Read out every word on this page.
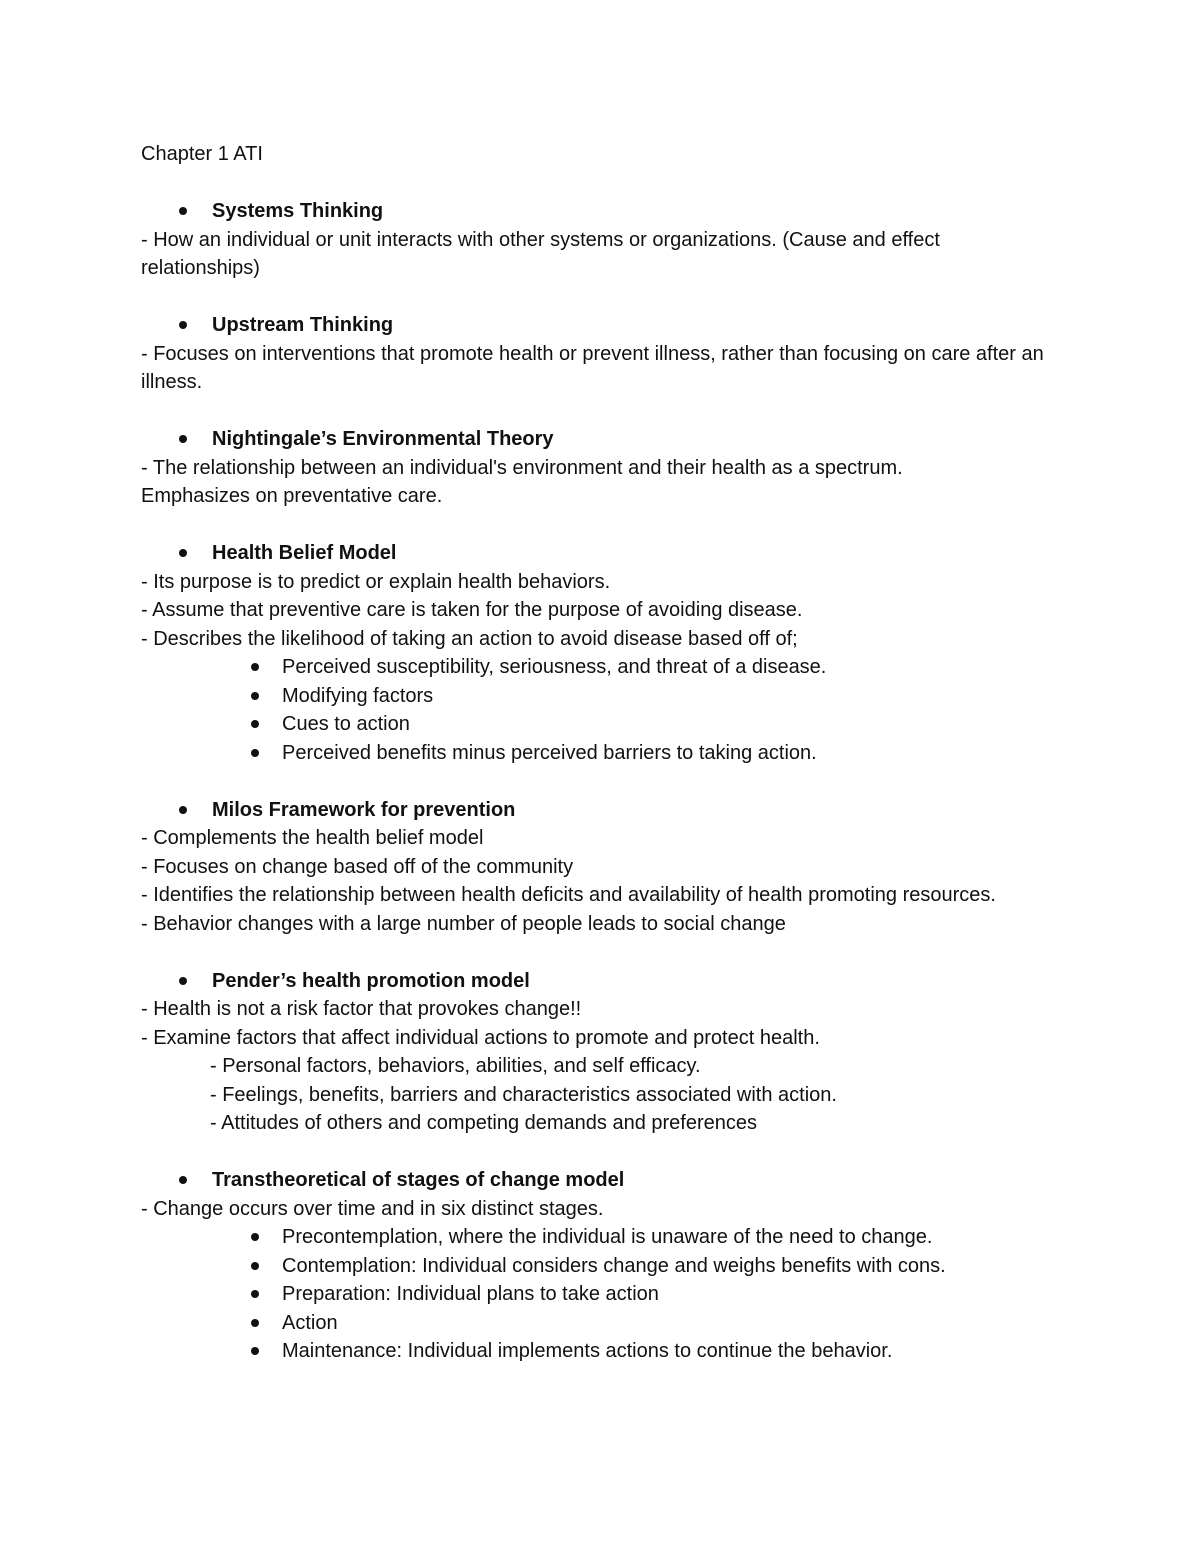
Chapter 1 ATI
Systems Thinking

- How an individual or unit interacts with other systems or organizations. (Cause and effect relationships)

Upstream Thinking

- Focuses on interventions that promote health or prevent illness, rather than focusing on care after an illness.

Nightingale’s Environmental Theory

- The relationship between an individual's environment and their health as a spectrum.

Emphasizes on preventative care.

Health Belief Model

- Its purpose is to predict or explain health behaviors.

- Assume that preventive care is taken for the purpose of avoiding disease.

- Describes the likelihood of taking an action to avoid disease based off of;

Perceived susceptibility, seriousness, and threat of a disease.
Modifying factors
Cues to action
Perceived benefits minus perceived barriers to taking action.
Milos Framework for prevention

- Complements the health belief model

- Focuses on change based off of the community

- Identifies the relationship between health deficits and availability of health promoting resources.

- Behavior changes with a large number of people leads to social change

Pender’s health promotion model

- Health is not a risk factor that provokes change!!

- Examine factors that affect individual actions to promote and protect health.

- Personal factors, behaviors, abilities, and self efficacy.

- Feelings, benefits, barriers and characteristics associated with action.

- Attitudes of others and competing demands and preferences

Transtheoretical of stages of change model

- Change occurs over time and in six distinct stages.

Precontemplation, where the individual is unaware of the need to change.
Contemplation: Individual considers change and weighs benefits with cons.
Preparation: Individual plans to take action
Action
Maintenance: Individual implements actions to continue the behavior.
